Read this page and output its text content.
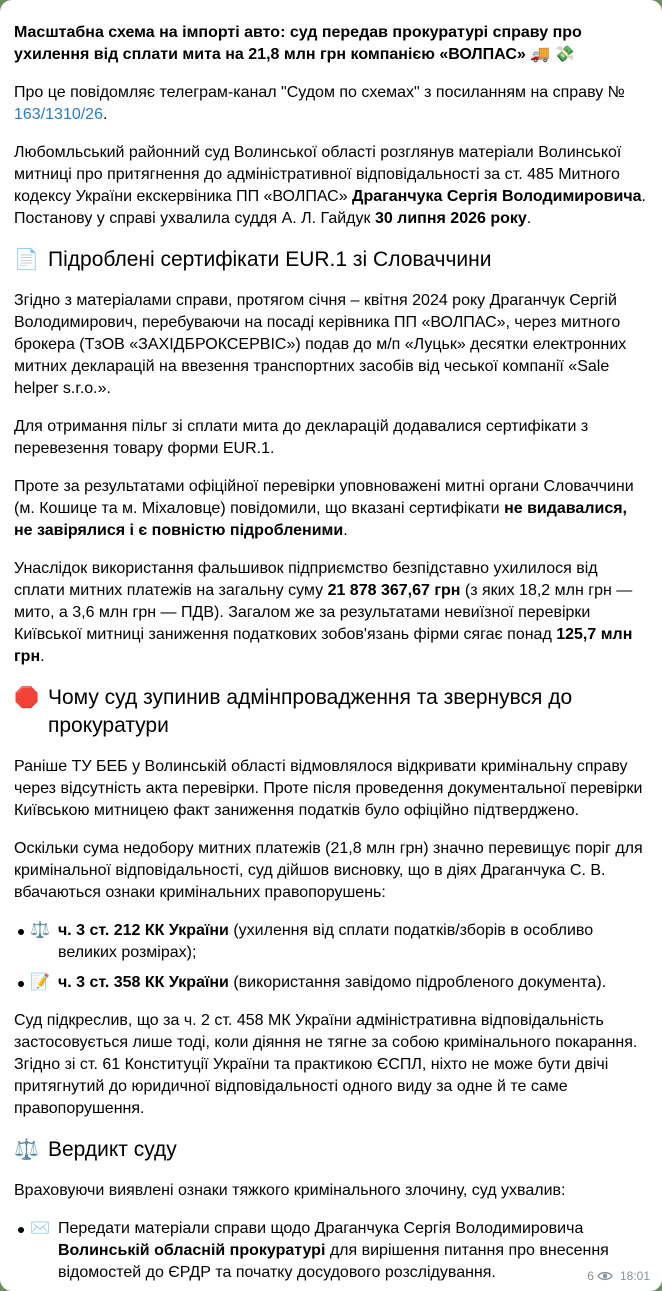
Масштабна схема на імпорті авто: суд передав прокуратурі справу про ухилення від сплати мита на 21,8 млн грн компанією «ВОЛПАС» 🚚 💸

Про це повідомляє телеграм-канал "Судом по схемах" з посиланням на справу № 163/1310/26.

Любомльський районний суд Волинської області розглянув матеріали Волинської митниці про притягнення до адміністративної відповідальності за ст. 485 Митного кодексу України екскервіника ПП «ВОЛПАС» Драганчука Сергія Володимировича. Постанову у справі ухвалила суддя А. Л. Гайдук 30 липня 2026 року.

📄 Підроблені сертифікати EUR.1 зі Словаччини

Згідно з матеріалами справи, протягом січня – квітня 2024 року Драганчук Сергій Володимирович, перебуваючи на посаді керівника ПП «ВОЛПАС», через митного брокера (ТзОВ «ЗАХІДБРОКСЕРВІС») подав до м/п «Луцьк» десятки електронних митних декларацій на ввезення транспортних засобів від чеської компанії «Sale helper s.r.o.».

Для отримання пільг зі сплати мита до декларацій додавалися сертифікати з перевезення товару форми EUR.1.

Проте за результатами офіційної перевірки уповноважені митні органи Словаччини (м. Кошице та м. Міхаловце) повідомили, що вказані сертифікати не видавалися, не завірялися і є повністю підробленими.

Унаслідок використання фальшивок підприємство безпідставно ухилилося від сплати митних платежів на загальну суму 21 878 367,67 грн (з яких 18,2 млн грн — мито, а 3,6 млн грн — ПДВ). Загалом же за результатами невиїзної перевірки Київської митниці заниження податкових зобов'язань фірми сягає понад 125,7 млн грн.

🛑 Чому суд зупинив адмінпровадження та звернувся до прокуратури

Раніше ТУ БЕБ у Волинській області відмовлялося відкривати кримінальну справу через відсутність акта перевірки. Проте після проведення документальної перевірки Київською митницею факт заниження податків було офіційно підтверджено.

Оскільки сума недобору митних платежів (21,8 млн грн) значно перевищує поріг для кримінальної відповідальності, суд дійшов висновку, що в діях Драганчука С. В. вбачаються ознаки кримінальних правопорушень:

⚖️ ч. 3 ст. 212 КК України (ухилення від сплати податків/зборів в особливо великих розмірах);
📝 ч. 3 ст. 358 КК України (використання завідомо підробленого документа).

Суд підкреслив, що за ч. 2 ст. 458 МК України адміністративна відповідальність застосовується лише тоді, коли діяння не тягне за собою кримінального покарання. Згідно зі ст. 61 Конституції України та практикою ЄСПЛ, ніхто не може бути двічі притягнутий до юридичної відповідальності одного виду за одне й те саме правопорушення.

⚖️ Вердикт суду

Враховуючи виявлені ознаки тяжкого кримінального злочину, суд ухвалив:

✉️ Передати матеріали справи щодо Драганчука Сергія Володимировича Волинській обласній прокуратурі для вирішення питання про внесення відомостей до ЄРДР та початку досудового розслідування.	6 18:01
